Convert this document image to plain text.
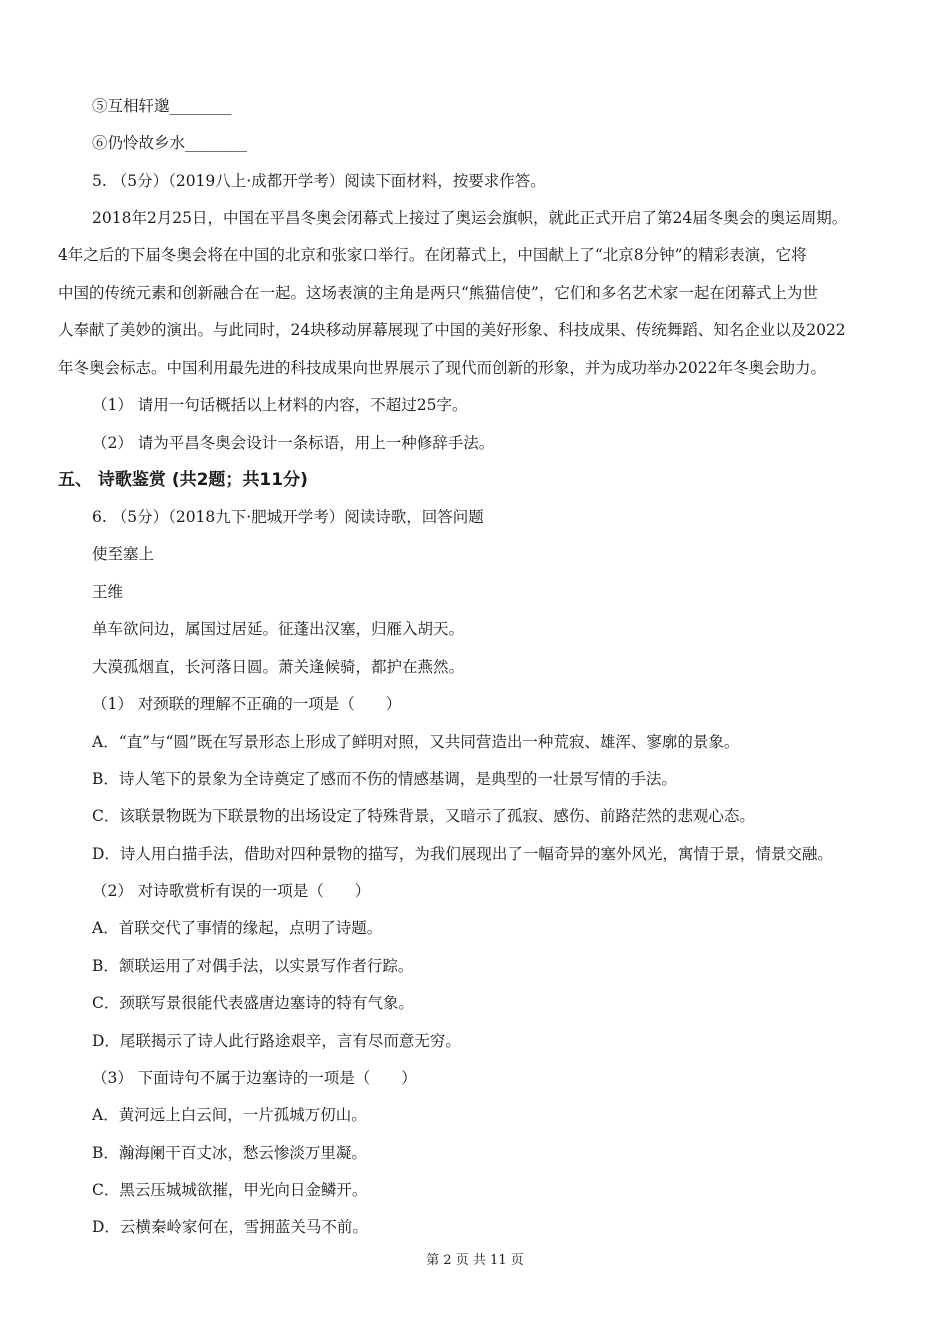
⑤互相轩邈________
⑥仍怜故乡水________
5. （5分）（2019八上·成都开学考）阅读下面材料，按要求作答。
2018年2月25日，中国在平昌冬奥会闭幕式上接过了奥运会旗帜，就此正式开启了第24届冬奥会的奥运周期。
4年之后的下届冬奥会将在中国的北京和张家口举行。在闭幕式上，中国献上了“北京8分钟”的精彩表演，它将
中国的传统元素和创新融合在一起。这场表演的主角是两只“熊猫信使”，它们和多名艺术家一起在闭幕式上为世
人奉献了美妙的演出。与此同时，24块移动屏幕展现了中国的美好形象、科技成果、传统舞蹈、知名企业以及2022
年冬奥会标志。中国利用最先进的科技成果向世界展示了现代而创新的形象，并为成功举办2022年冬奥会助力。
（1） 请用一句话概括以上材料的内容，不超过25字。
（2） 请为平昌冬奥会设计一条标语，用上一种修辞手法。
五、 诗歌鉴赏 (共2题；共11分)
6. （5分）（2018九下·肥城开学考）阅读诗歌，回答问题
使至塞上
王维
单车欲问边，属国过居延。征蓬出汉塞，归雁入胡天。
大漠孤烟直，长河落日圆。萧关逢候骑，都护在燕然。
（1） 对颈联的理解不正确的一项是（　　）
A．“直”与“圆”既在写景形态上形成了鲜明对照，又共同营造出一种荒寂、雄浑、寥廓的景象。
B．诗人笔下的景象为全诗奠定了感而不伤的情感基调，是典型的一壮景写情的手法。
C．该联景物既为下联景物的出场设定了特殊背景，又暗示了孤寂、感伤、前路茫然的悲观心态。
D．诗人用白描手法，借助对四种景物的描写，为我们展现出了一幅奇异的塞外风光，寓情于景，情景交融。
（2） 对诗歌赏析有误的一项是（　　）
A．首联交代了事情的缘起，点明了诗题。
B．颔联运用了对偶手法，以实景写作者行踪。
C．颈联写景很能代表盛唐边塞诗的特有气象。
D．尾联揭示了诗人此行路途艰辛，言有尽而意无穷。
（3） 下面诗句不属于边塞诗的一项是（　　）
A．黄河远上白云间，一片孤城万仞山。
B．瀚海阑干百丈冰，愁云惨淡万里凝。
C．黑云压城城欲摧，甲光向日金鳞开。
D．云横秦岭家何在，雪拥蓝关马不前。
第 2 页 共 11 页
